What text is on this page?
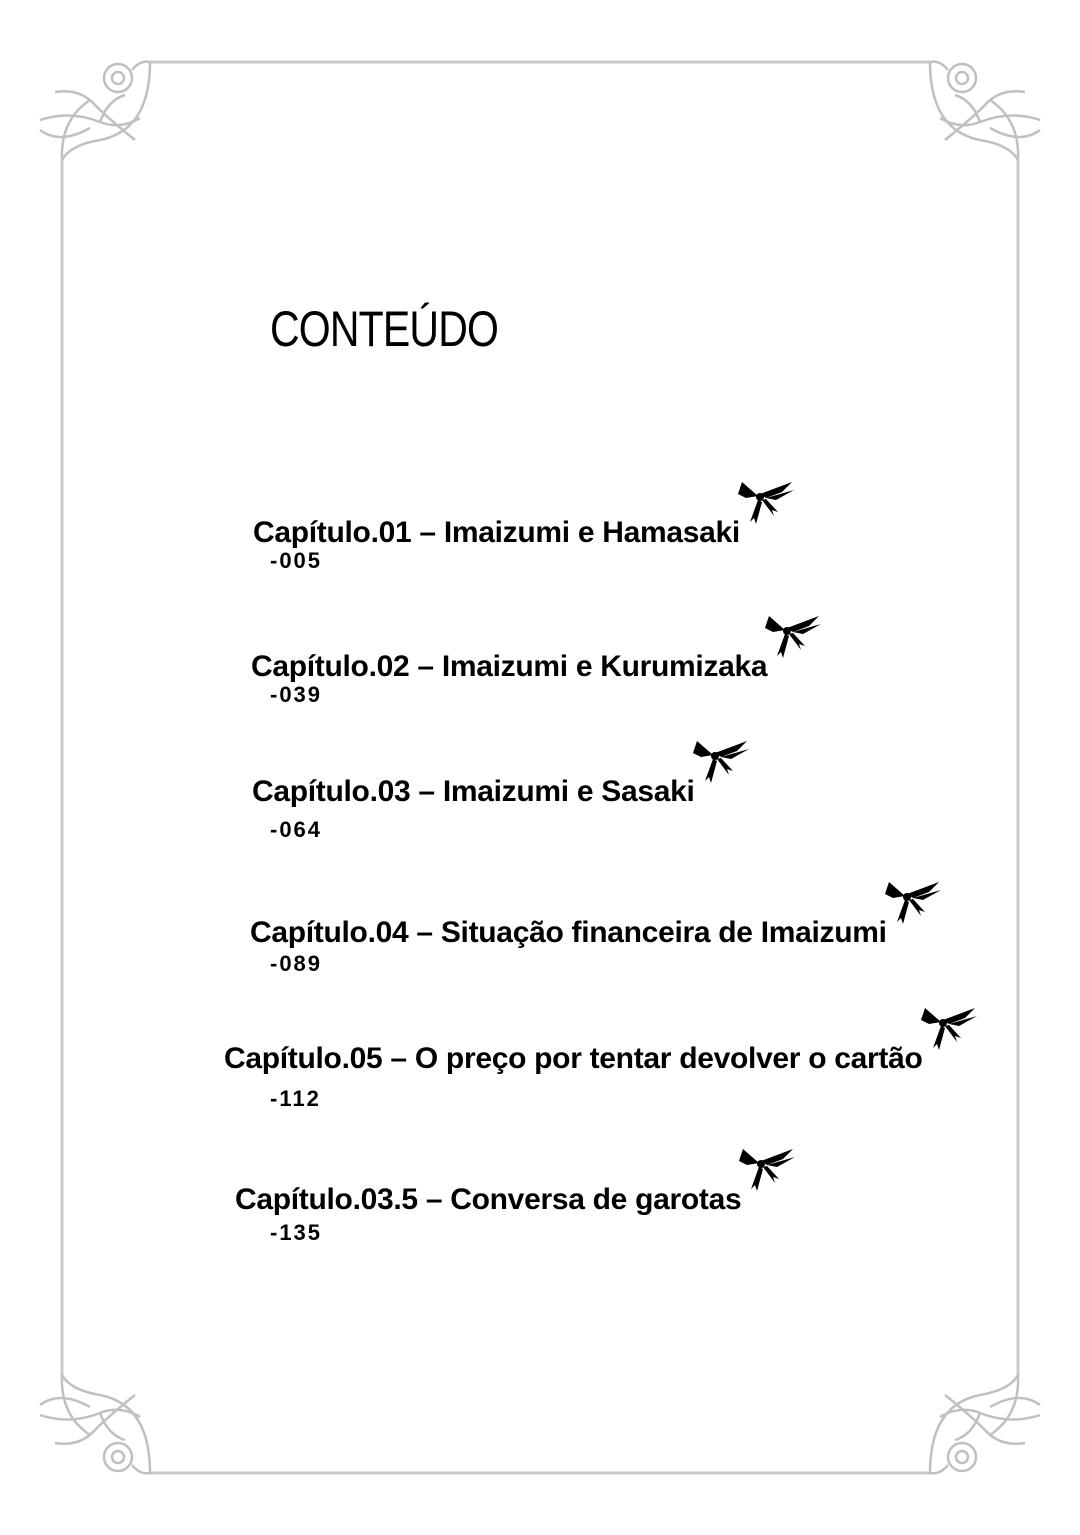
CONTEÚDO
Capítulo.01 – Imaizumi e Hamasaki
-005
Capítulo.02 – Imaizumi e Kurumizaka
-039
Capítulo.03 – Imaizumi e Sasaki
-064
Capítulo.04 – Situação financeira de Imaizumi
-089
Capítulo.05 – O preço por tentar devolver o cartão
-112
Capítulo.03.5 – Conversa de garotas
-135
